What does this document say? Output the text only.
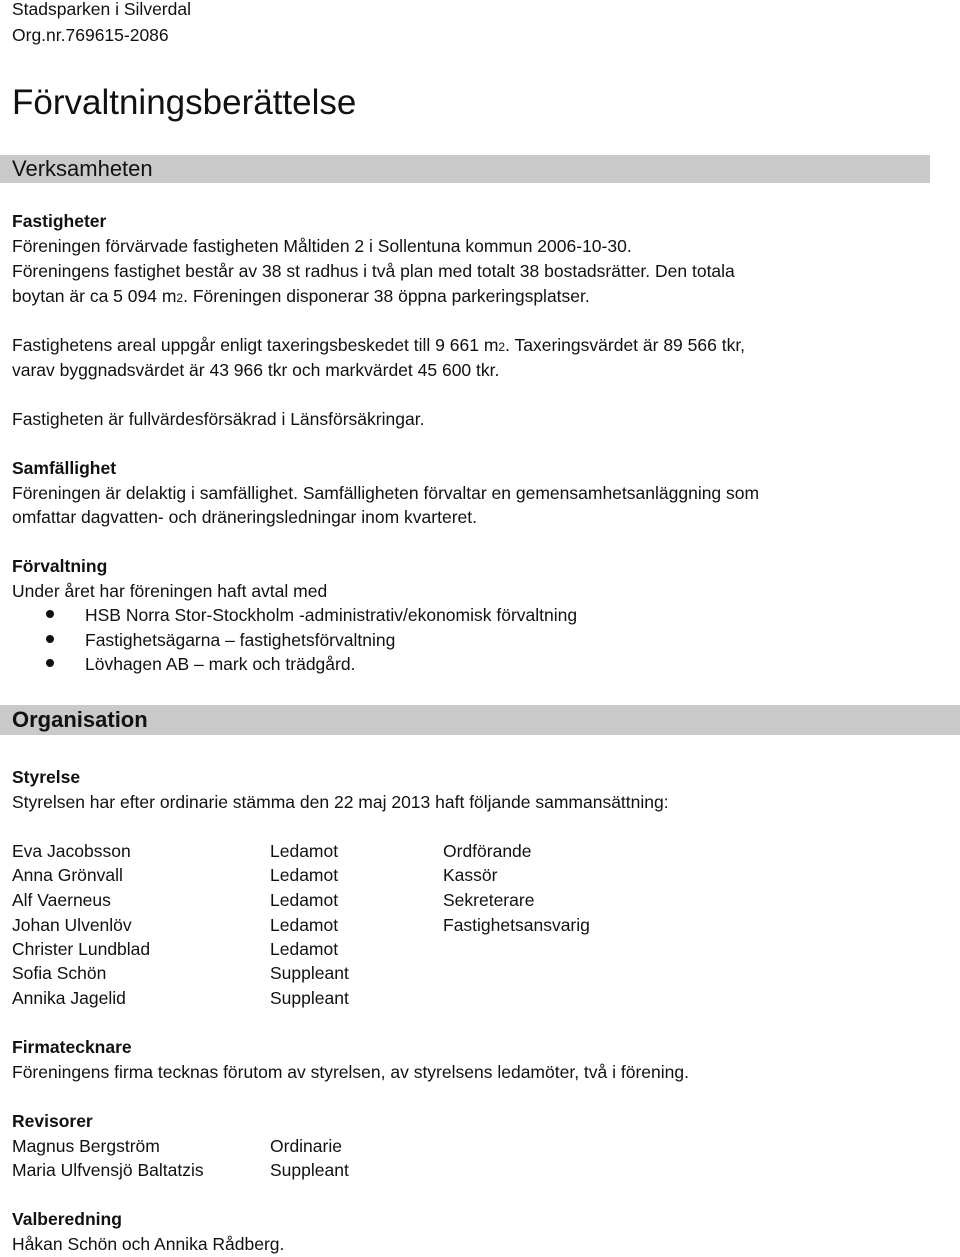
Stadsparken i Silverdal
Org.nr.769615-2086
Förvaltningsberättelse
Verksamheten
Fastigheter
Föreningen förvärvade fastigheten Måltiden 2 i Sollentuna kommun 2006-10-30.
Föreningens fastighet består av 38 st radhus i två plan med totalt 38 bostadsrätter. Den totala
boytan är ca 5 094 m2. Föreningen disponerar 38 öppna parkeringsplatser.
Fastighetens areal uppgår enligt taxeringsbeskedet till 9 661 m2. Taxeringsvärdet är 89 566 tkr,
varav byggnadsvärdet är 43 966 tkr och markvärdet 45 600 tkr.
Fastigheten är fullvärdesförsäkrad i Länsförsäkringar.
Samfällighet
Föreningen är delaktig i samfällighet. Samfälligheten förvaltar en gemensamhetsanläggning som
omfattar dagvatten- och dräneringsledningar inom kvarteret.
Förvaltning
Under året har föreningen haft avtal med
HSB Norra Stor-Stockholm -administrativ/ekonomisk förvaltning
Fastighetsägarna – fastighetsförvaltning
Lövhagen AB – mark och trädgård.
Organisation
Styrelse
Styrelsen har efter ordinarie stämma den 22 maj 2013 haft följande sammansättning:
Eva Jacobsson	Ledamot	Ordförande
Anna Grönvall	Ledamot	Kassör
Alf Vaerneus	Ledamot	Sekreterare
Johan Ulvenlöv	Ledamot	Fastighetsansvarig
Christer Lundblad	Ledamot
Sofia Schön	Suppleant
Annika Jagelid	Suppleant
Firmatecknare
Föreningens firma tecknas förutom av styrelsen, av styrelsens ledamöter, två i förening.
Revisorer
Magnus Bergström	Ordinarie
Maria Ulfvensjö Baltatzis	Suppleant
Valberedning
Håkan Schön och Annika Rådberg.
